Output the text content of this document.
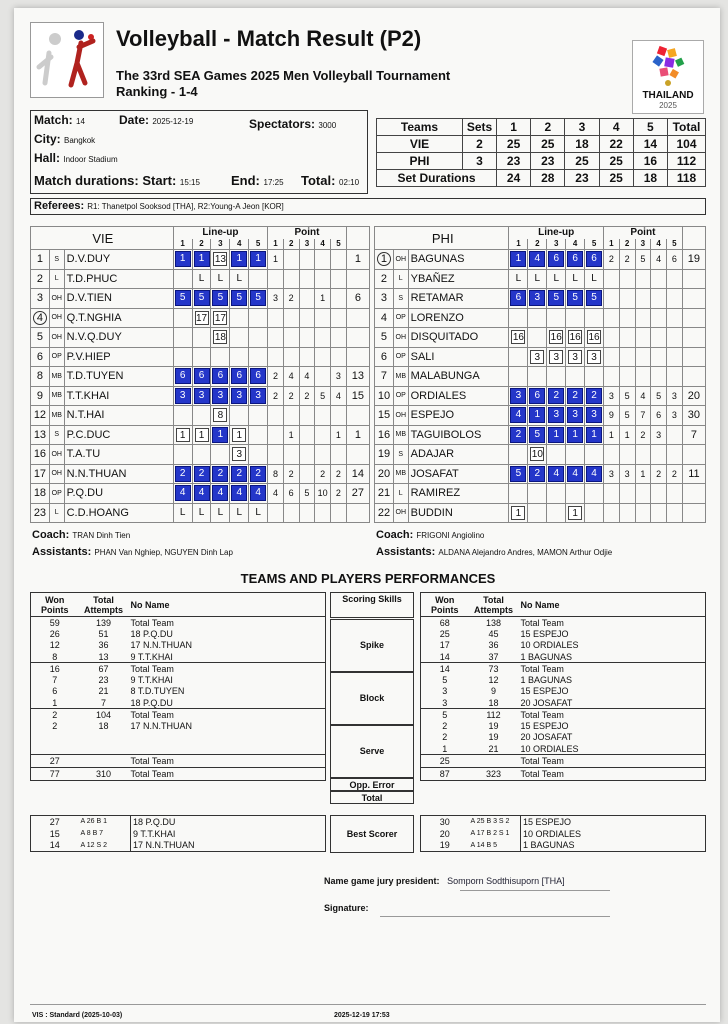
Volleyball - Match Result (P2)
The 33rd SEA Games 2025 Men Volleyball Tournament
Ranking - 1-4	THAILAND
2025
Match: 14	Date: 2025-12-19	Spectators: 3000
City: Bangkok
Hall: Indoor Stadium
Match durations: Start: 15:15 End: 17:25 Total: 02:10
Teams	Sets	1	2	3	4	5	Total
VIE	2	25	25	18	22	14	104
PHI	3	23	23	25	25	16	112
Set Durations		24	28	23	25	18	118
Referees: R1: Thanetpol Sooksod [THA], R2:Young-A Jeon [KOR]
VIE			Line-up					Point					
			1	2	3	4	5	1	2	3	4	5	
1	S	D.V.DUY	1	1	13	1	1	1					1
2	L	T.D.PHUC		L	L	L							
3	OH	D.V.TIEN	5	5	5	5	5	3	2		1		6
4	OH	Q.T.NGHIA		17	17								
5	OH	N.V.Q.DUY			18								
6	OP	P.V.HIEP											
8	MB	T.D.TUYEN	6	6	6	6	6	2	4	4		3	13
9	MB	T.T.KHAI	3	3	3	3	3	2	2	2	5	4	15
12	MB	N.T.HAI			8								
13	S	P.C.DUC	1	1	1	1			1			1	1
16	OH	T.A.TU				3							
17	OH	N.N.THUAN	2	2	2	2	2	8	2		2	2	14
18	OP	P.Q.DU	4	4	4	4	4	4	6	5	10	2	27
23	L	C.D.HOANG	L	L	L	L	L						
PHI			Line-up					Point					
			1	2	3	4	5	1	2	3	4	5	
1	OH	BAGUNAS	1	4	6	6	6	2	2	5	4	6	19
2	L	YBAÑEZ	L	L	L	L	L						
3	S	RETAMAR	6	3	5	5	5						
4	OP	LORENZO											
5	OH	DISQUITADO	16		16	16	16						
6	OP	SALI		3	3	3	3						
7	MB	MALABUNGA											
10	OP	ORDIALES	3	6	2	2	2	3	5	4	5	3	20
15	OH	ESPEJO	4	1	3	3	3	9	5	7	6	3	30
16	MB	TAGUIBOLOS	2	5	1	1	1	1	1	2	3		7
19	S	ADAJAR		10									
20	MB	JOSAFAT	5	2	4	4	4	3	3	1	2	2	11
21	L	RAMIREZ											
22	OH	BUDDIN	1			1							
Coach: TRAN Dinh Tien
Assistants: PHAN Van Nghiep, NGUYEN Dinh Lap
Coach: FRIGONI Angiolino
Assistants: ALDANA Alejandro Andres, MAMON Arthur Odjie
TEAMS AND PLAYERS PERFORMANCES
Won Points	Total Attempts	No Name
59	139	Total Team
26	51	18 P.Q.DU
12	36	17 N.N.THUAN
8	13	9 T.T.KHAI
16	67	Total Team
7	23	9 T.T.KHAI
6	21	8 T.D.TUYEN
1	7	18 P.Q.DU
2	104	Total Team
2	18	17 N.N.THUAN

27		Total Team
77	310	Total Team
Won Points	Total Attempts	No Name
68	138	Total Team
25	45	15 ESPEJO
17	36	10 ORDIALES
14	37	1 BAGUNAS
14	73	Total Team
5	12	1 BAGUNAS
3	9	15 ESPEJO
3	18	20 JOSAFAT
5	112	Total Team
2	19	15 ESPEJO
2	19	20 JOSAFAT
1	21	10 ORDIALES
25		Total Team
87	323	Total Team
Scoring Skills
Spike
Block
Serve
Opp. Error
Total
27	A 26 B 1	18 P.Q.DU
15	A 8 B 7	9 T.T.KHAI
14	A 12 S 2	17 N.N.THUAN
30	A 25 B 3 S 2	15 ESPEJO
20	A 17 B 2 S 1	10 ORDIALES
19	A 14 B 5	1 BAGUNAS
Best Scorer
Name game jury president: Somporn Sodthisuporn [THA]
Signature:
VIS : Standard (2025-10-03)	2025-12-19 17:53
